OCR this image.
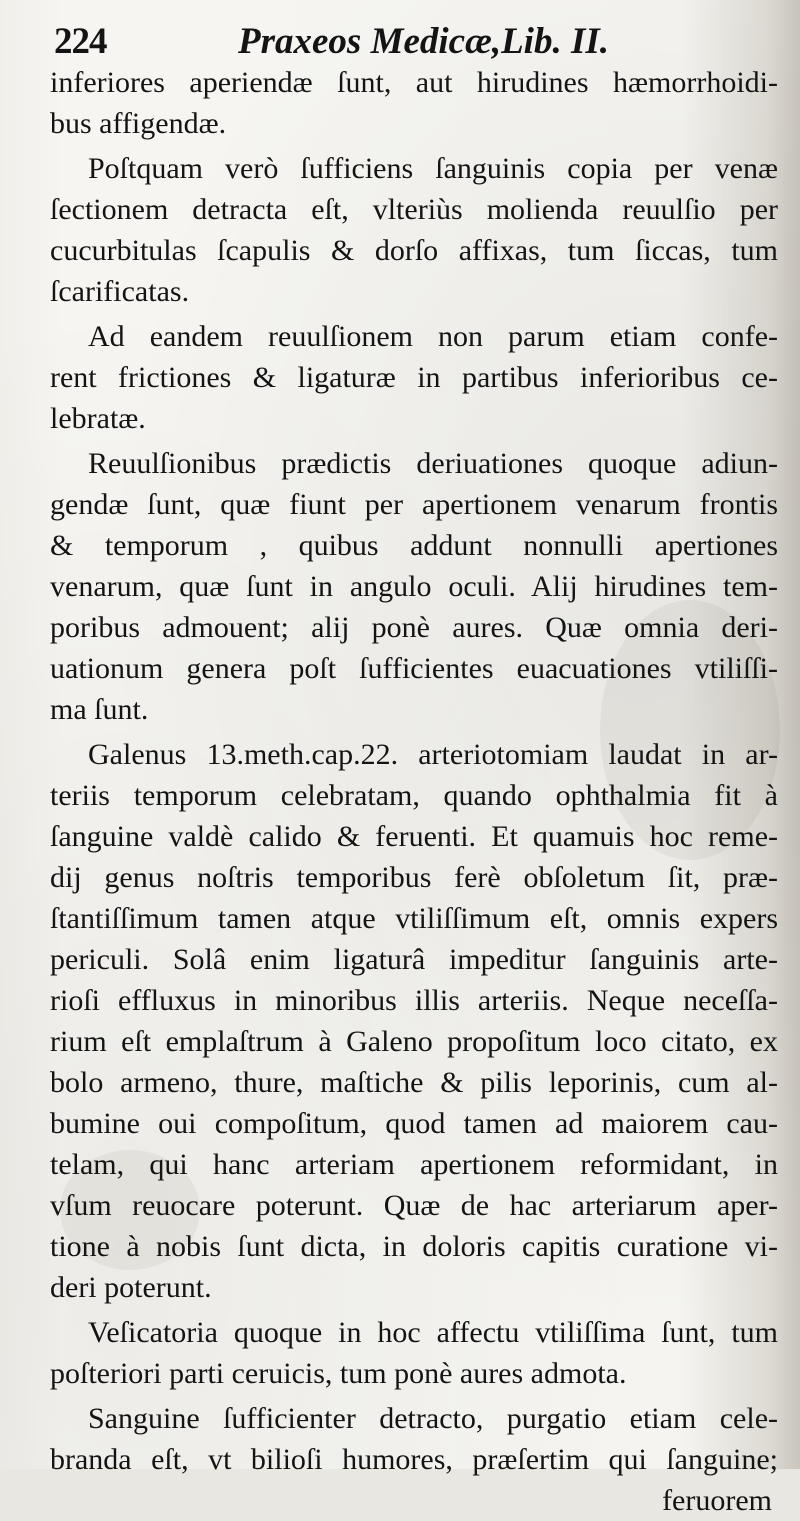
224	Praxeos Medicæ,Lib. II.
inferiores aperiendæ ſunt, aut hirudines hæmorrhoidi-
bus affigendæ.
Poſtquam verò ſufficiens ſanguinis copia per venæ
ſectionem detracta eſt, vlteriùs molienda reuulſio per
cucurbitulas ſcapulis & dorſo affixas, tum ſiccas, tum
ſcarificatas.
Ad eandem reuulſionem non parum etiam confe-
rent frictiones & ligaturæ in partibus inferioribus ce-
lebratæ.
Reuulſionibus prædictis deriuationes quoque adiun-
gendæ ſunt, quæ fiunt per apertionem venarum frontis
& temporum , quibus addunt nonnulli apertiones
venarum, quæ ſunt in angulo oculi. Alij hirudines tem-
poribus admouent; alij ponè aures. Quæ omnia deri-
uationum genera poſt ſufficientes euacuationes vtiliſſi-
ma ſunt.
Galenus 13.meth.cap.22. arteriotomiam laudat in ar-
teriis temporum celebratam, quando ophthalmia fit à
ſanguine valdè calido & feruenti. Et quamuis hoc reme-
dij genus noſtris temporibus ferè obſoletum ſit, præ-
ſtantiſſimum tamen atque vtiliſſimum eſt, omnis expers
periculi. Solâ enim ligaturâ impeditur ſanguinis arte-
rioſi effluxus in minoribus illis arteriis. Neque neceſſa-
rium eſt emplaſtrum à Galeno propoſitum loco citato, ex
bolo armeno, thure, maſtiche & pilis leporinis, cum al-
bumine oui compoſitum, quod tamen ad maiorem cau-
telam, qui hanc arteriam apertionem reformidant, in
vſum reuocare poterunt. Quæ de hac arteriarum aper-
tione à nobis ſunt dicta, in doloris capitis curatione vi-
deri poterunt.
Veſicatoria quoque in hoc affectu vtiliſſima ſunt, tum
poſteriori parti ceruicis, tum ponè aures admota.
Sanguine ſufficienter detracto, purgatio etiam cele-
branda eſt, vt bilioſi humores, præſertim qui ſanguine;
feruorem
